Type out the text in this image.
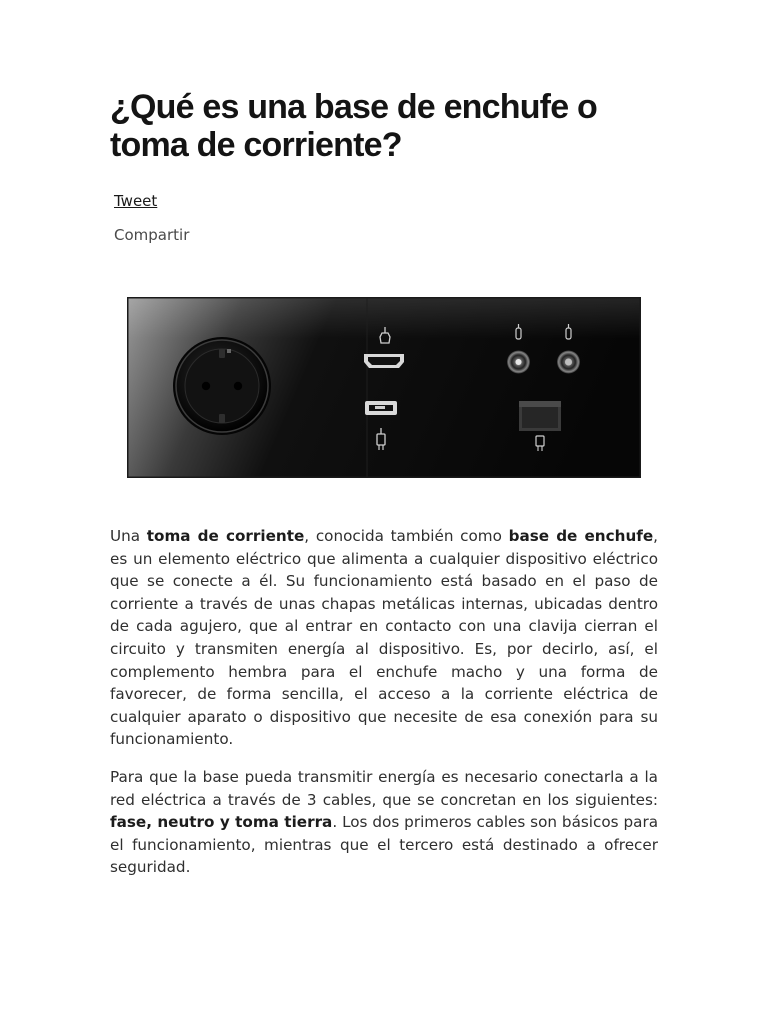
¿Qué es una base de enchufe o toma de corriente?
Tweet
Compartir

Una toma de corriente, conocida también como base de enchufe, es un elemento eléctrico que alimenta a cualquier dispositivo eléctrico que se conecte a él. Su funcionamiento está basado en el paso de corriente a través de unas chapas metálicas internas, ubicadas dentro de cada agujero, que al entrar en contacto con una clavija cierran el circuito y transmiten energía al dispositivo. Es, por decirlo, así, el complemento hembra para el enchufe macho y una forma de favorecer, de forma sencilla, el acceso a la corriente eléctrica de cualquier aparato o dispositivo que necesite de esa conexión para su funcionamiento.

Para que la base pueda transmitir energía es necesario conectarla a la red eléctrica a través de 3 cables, que se concretan en los siguientes: fase, neutro y toma tierra. Los dos primeros cables son básicos para el funcionamiento, mientras que el tercero está destinado a ofrecer seguridad.
